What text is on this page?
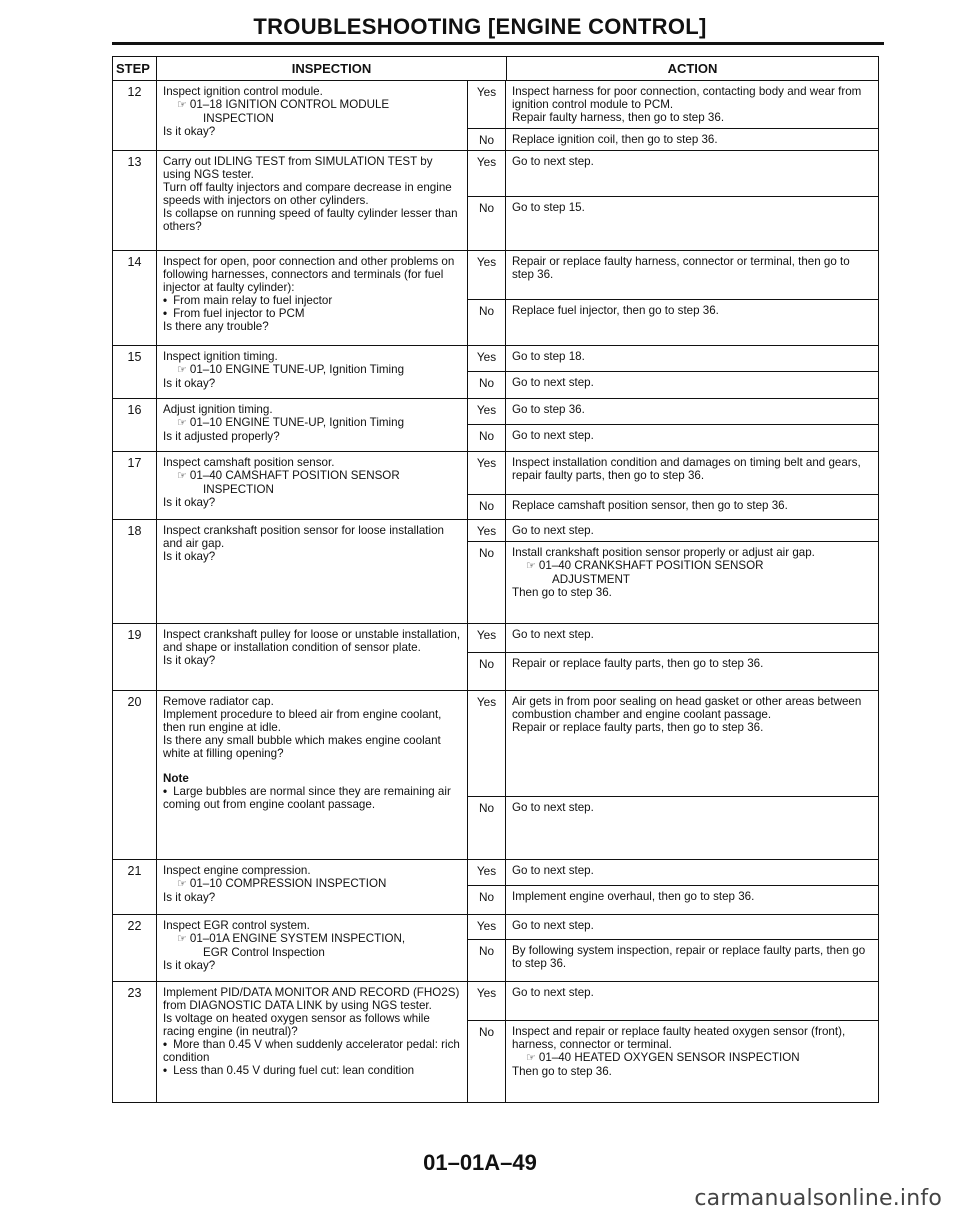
TROUBLESHOOTING [ENGINE CONTROL]
STEP	INSPECTION	ACTION
12	Inspect ignition control module.
☞ 01–18 IGNITION CONTROL MODULE
INSPECTION
Is it okay?
Yes	Inspect harness for poor connection, contacting body and wear from ignition control module to PCM.
Repair faulty harness, then go to step 36.
No	Replace ignition coil, then go to step 36.
13	Carry out IDLING TEST from SIMULATION TEST by using NGS tester.
Turn off faulty injectors and compare decrease in engine speeds with injectors on other cylinders.
Is collapse on running speed of faulty cylinder lesser than others?
Yes	Go to next step.
No	Go to step 15.
14	Inspect for open, poor connection and other problems on following harnesses, connectors and terminals (for fuel injector at faulty cylinder):
• From main relay to fuel injector
• From fuel injector to PCM
Is there any trouble?
Yes	Repair or replace faulty harness, connector or terminal, then go to step 36.
No	Replace fuel injector, then go to step 36.
15	Inspect ignition timing.
☞ 01–10 ENGINE TUNE-UP, Ignition Timing
Is it okay?
Yes	Go to step 18.
No	Go to next step.
16	Adjust ignition timing.
☞ 01–10 ENGINE TUNE-UP, Ignition Timing
Is it adjusted properly?
Yes	Go to step 36.
No	Go to next step.
17	Inspect camshaft position sensor.
☞ 01–40 CAMSHAFT POSITION SENSOR
INSPECTION
Is it okay?
Yes	Inspect installation condition and damages on timing belt and gears, repair faulty parts, then go to step 36.
No	Replace camshaft position sensor, then go to step 36.
18	Inspect crankshaft position sensor for loose installation and air gap.
Is it okay?
Yes	Go to next step.
No	Install crankshaft position sensor properly or adjust air gap.
☞ 01–40 CRANKSHAFT POSITION SENSOR
ADJUSTMENT
Then go to step 36.
19	Inspect crankshaft pulley for loose or unstable installation, and shape or installation condition of sensor plate.
Is it okay?
Yes	Go to next step.
No	Repair or replace faulty parts, then go to step 36.
20	Remove radiator cap.
Implement procedure to bleed air from engine coolant, then run engine at idle.
Is there any small bubble which makes engine coolant white at filling opening?
Note
• Large bubbles are normal since they are remaining air coming out from engine coolant passage.
Yes	Air gets in from poor sealing on head gasket or other areas between combustion chamber and engine coolant passage.
Repair or replace faulty parts, then go to step 36.
No	Go to next step.
21	Inspect engine compression.
☞ 01–10 COMPRESSION INSPECTION
Is it okay?
Yes	Go to next step.
No	Implement engine overhaul, then go to step 36.
22	Inspect EGR control system.
☞ 01–01A ENGINE SYSTEM INSPECTION,
EGR Control Inspection
Is it okay?
Yes	Go to next step.
No	By following system inspection, repair or replace faulty parts, then go to step 36.
23	Implement PID/DATA MONITOR AND RECORD (FHO2S) from DIAGNOSTIC DATA LINK by using NGS tester.
Is voltage on heated oxygen sensor as follows while racing engine (in neutral)?
• More than 0.45 V when suddenly accelerator pedal: rich condition
• Less than 0.45 V during fuel cut: lean condition
Yes	Go to next step.
No	Inspect and repair or replace faulty heated oxygen sensor (front), harness, connector or terminal.
☞ 01–40 HEATED OXYGEN SENSOR INSPECTION
Then go to step 36.
01–01A–49
carmanualsonline.info
